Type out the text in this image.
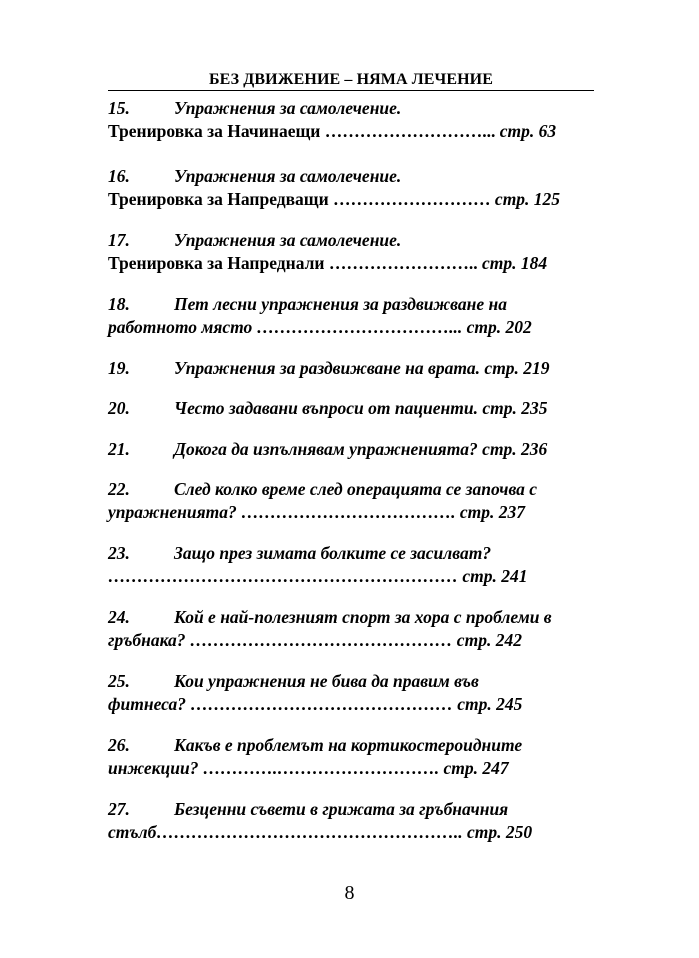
БЕЗ ДВИЖЕНИЕ – НЯМА ЛЕЧЕНИЕ
15.	Упражнения за самолечение.
Тренировка за Начинаещи ………………………... стр. 63
16.	Упражнения за самолечение.
Тренировка за Напредващи ……………………… стр. 125
17.	Упражнения за самолечение.
Тренировка за Напреднали …………………….. стр. 184
18.	Пет лесни упражнения за раздвижване на
работното място ……………………………... стр. 202
19.	Упражнения за раздвижване на врата. стр. 219
20.	Често задавани въпроси от пациенти. стр. 235
21.	Докога да изпълнявам упражненията? стр. 236
22.	След колко време след операцията се започва с
упражненията? ………………………………. стр. 237
23.	Защо през зимата болките се засилват?
…………………………………………………… стр. 241
24.	Кой е най-полезният спорт за хора с проблеми в
гръбнака? ……………………………………… стр. 242
25.	Кои упражнения не бива да правим във
фитнеса? ……………………………………… стр. 245
26.	Какъв е проблемът на кортикостероидните
инжекции? ………….………………………. стр. 247
27.	Безценни съвети в грижата за гръбначния
стълб…………………………………………….. стр. 250
8
